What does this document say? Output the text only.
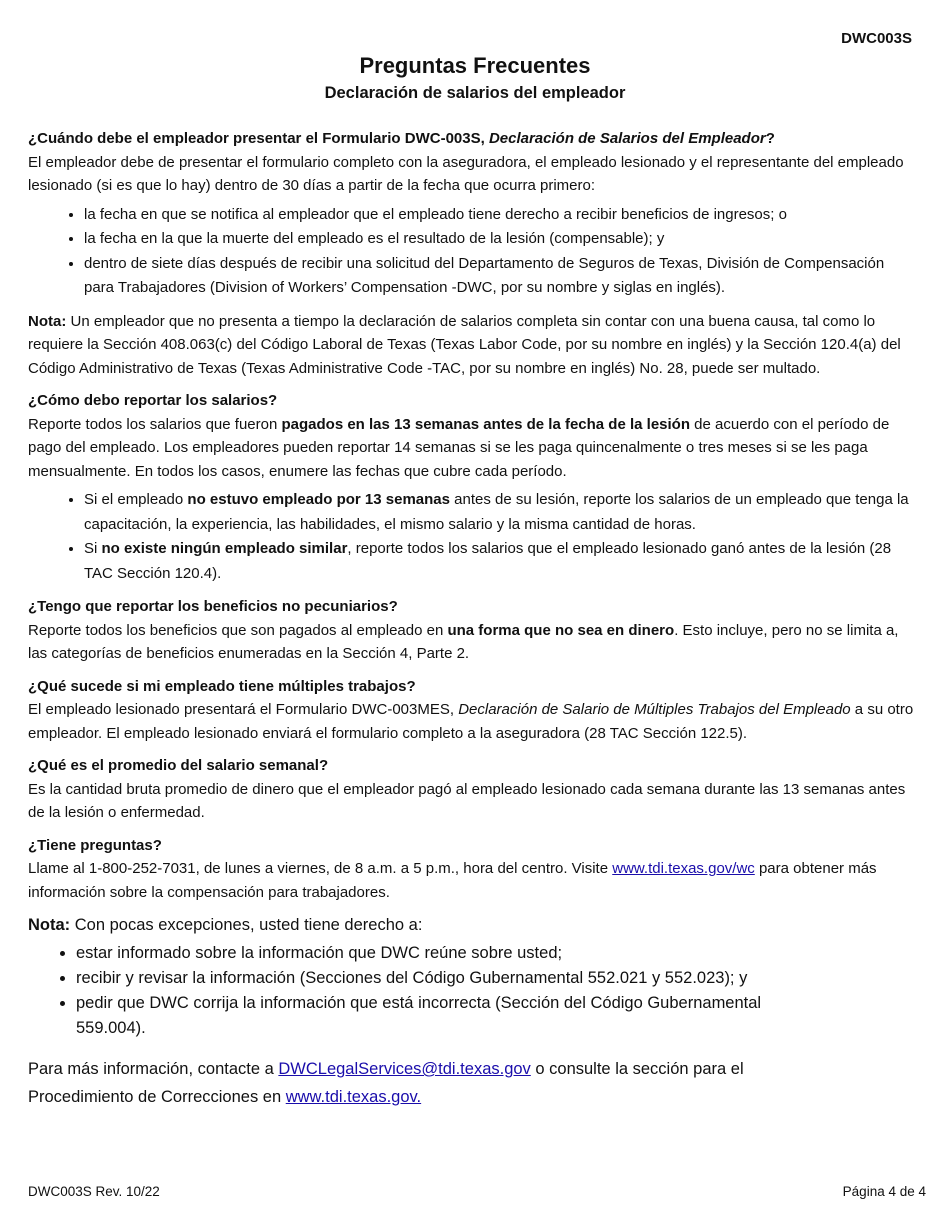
DWC003S
Preguntas Frecuentes
Declaración de salarios del empleador

¿Cuándo debe el empleador presentar el Formulario DWC-003S, Declaración de Salarios del Empleador?

El empleador debe de presentar el formulario completo con la aseguradora, el empleado lesionado y el representante del empleado lesionado (si es que lo hay) dentro de 30 días a partir de la fecha que ocurra primero:

• la fecha en que se notifica al empleador que el empleado tiene derecho a recibir beneficios de ingresos; o
• la fecha en la que la muerte del empleado es el resultado de la lesión (compensable); y
• dentro de siete días después de recibir una solicitud del Departamento de Seguros de Texas, División de Compensación para Trabajadores (Division of Workers’ Compensation -DWC, por su nombre y siglas en inglés).

Nota: Un empleador que no presenta a tiempo la declaración de salarios completa sin contar con una buena causa, tal como lo requiere la Sección 408.063(c) del Código Laboral de Texas (Texas Labor Code, por su nombre en inglés) y la Sección 120.4(a) del Código Administrativo de Texas (Texas Administrative Code -TAC, por su nombre en inglés) No. 28, puede ser multado.

¿Cómo debo reportar los salarios?

Reporte todos los salarios que fueron pagados en las 13 semanas antes de la fecha de la lesión de acuerdo con el período de pago del empleado. Los empleadores pueden reportar 14 semanas si se les paga quincenalmente o tres meses si se les paga mensualmente. En todos los casos, enumere las fechas que cubre cada período.

• Si el empleado no estuvo empleado por 13 semanas antes de su lesión, reporte los salarios de un empleado que tenga la capacitación, la experiencia, las habilidades, el mismo salario y la misma cantidad de horas.
• Si no existe ningún empleado similar, reporte todos los salarios que el empleado lesionado ganó antes de la lesión (28 TAC Sección 120.4).

¿Tengo que reportar los beneficios no pecuniarios?

Reporte todos los beneficios que son pagados al empleado en una forma que no sea en dinero. Esto incluye, pero no se limita a, las categorías de beneficios enumeradas en la Sección 4, Parte 2.

¿Qué sucede si mi empleado tiene múltiples trabajos?

El empleado lesionado presentará el Formulario DWC-003MES, Declaración de Salario de Múltiples Trabajos del Empleado a su otro empleador. El empleado lesionado enviará el formulario completo a la aseguradora (28 TAC Sección 122.5).

¿Qué es el promedio del salario semanal?

Es la cantidad bruta promedio de dinero que el empleador pagó al empleado lesionado cada semana durante las 13 semanas antes de la lesión o enfermedad.

¿Tiene preguntas?

Llame al 1-800-252-7031, de lunes a viernes, de 8 a.m. a 5 p.m., hora del centro. Visite www.tdi.texas.gov/wc para obtener más información sobre la compensación para trabajadores.

Nota: Con pocas excepciones, usted tiene derecho a:

• estar informado sobre la información que DWC reúne sobre usted;
• recibir y revisar la información (Secciones del Código Gubernamental 552.021 y 552.023); y
• pedir que DWC corrija la información que está incorrecta (Sección del Código Gubernamental 559.004).

Para más información, contacte a DWCLegalServices@tdi.texas.gov o consulte la sección para el Procedimiento de Correcciones en www.tdi.texas.gov.

DWC003S Rev. 10/22	Página 4 de 4
